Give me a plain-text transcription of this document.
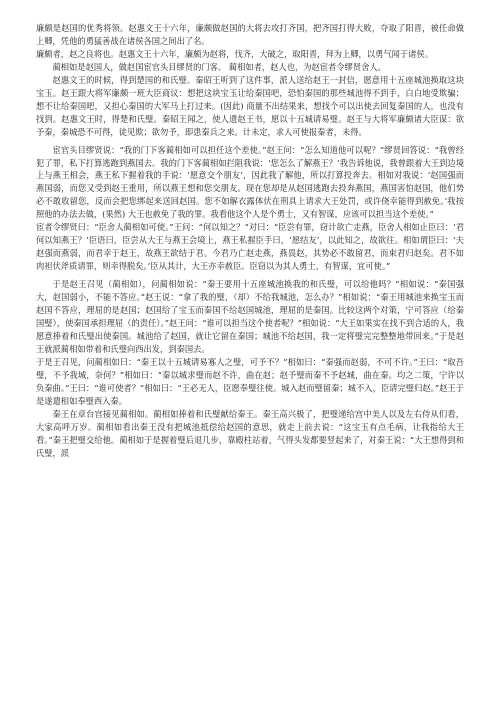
廉颇是赵国的优秀将领。赵惠文王十六年，廉颇做赵国的大将去攻打齐国，把齐国打得大败，夺取了阳晋，被任命做上卿，凭他的勇猛善战在诸侯各国之间出了名。

廉颇者，赵之良将也。赵惠文王十六年，廉颇为赵将，伐齐，大破之，取阳晋，拜为上卿，以勇气闻于诸侯。

蔺相如是赵国人，做赵国宦官头目缪贤的门客。 蔺相如者，赵人也，为赵宦者令缪贤舍人。

赵惠文王的时候，得到楚国的和氏璧。秦昭王听到了这件事，派人送给赵王一封信，愿意用十五座城池换取这块宝玉。赵王跟大将军廉颇一班大臣商议：想把这块宝玉让给秦国吧，恐怕秦国的那些城池得不到手，白白地受欺骗；想不让给秦国吧，又担心秦国的大军马上打过来。(因此) 商量不出结果来，想找个可以出使去回复秦国的人，也没有找到。赵惠文王时，得楚和氏璧。秦昭王闻之，使人遗赵王书，愿以十五城请易璧。赵王与大将军廉颇诸大臣谋：欲予秦，秦城恐不可得，徒见欺；欲勿予，即患秦兵之来。计未定，求人可使报秦者，未得。

宦官头目缪贤说：“我的门下客蔺相如可以担任这个差使。”赵王问：“怎么知道他可以呢？”缪贤回答说：“我曾经犯了罪，私下打算逃跑到燕国去。我的门下客蔺相如拦阻我说：‘您怎么了解燕王？’我告诉他说，我曾跟着大王到边境上与燕王相会，燕王私下握着我的手说：‘愿意交个朋友’，因此我了解他，所以打算投奔去。相如对我说：‘赵国强而燕国弱，而您又受到赵王重用，所以燕王想和您交朋友。现在您却是从赵国逃跑去投奔燕国，燕国害怕赵国，他们势必不敢收留您，反而会把您绑起来送回赵国。您不如解衣露体伏在刑具上请求大王处罚，或许侥幸能得到赦免。’我按照他的办法去做，(果然) 大王也赦免了我的罪。我看他这个人是个勇士，又有智谋，应该可以担当这个差使。”

宦者令缪贤曰：“臣舍人蔺相如可使。”王问：“何以知之？”对曰：“臣尝有罪，窃计欲亡走燕，臣舍人相如止臣曰：‘君何以知燕王？’臣语曰，臣尝从大王与燕王会境上，燕王私握臣手曰，‘愿结友’，以此知之，故欲往。相如谓臣曰：‘夫赵强而燕弱，而君幸于赵王，故燕王欲结于君。今君乃亡赵走燕，燕畏赵，其势必不敢留君，而束君归赵矣。君不如肉袒伏斧质请罪，则幸得脱矣。’臣从其计，大王亦幸赦臣。臣窃以为其人勇士，有智谋，宜可使。”

于是赵王召见（蔺相如），问蔺相如说：“秦王要用十五座城池换我的和氏璧，可以给他吗？”相如说：“秦国强大，赵国弱小，不能不答应。”赵王说：“拿了我的璧，（却）不给我城池，怎么办？”相如说：“秦王用城池来换宝玉而赵国不答应，理屈的是赵国；赵国给了宝玉而秦国不给赵国城池，理屈的是秦国。比较这两个对策，宁可答应（给秦国璧），使秦国承担理屈（的责任）。”赵王问：“谁可以担当这个使者呢？”相如说：“大王如果实在找不到合适的人，我愿意捧着和氏璧出使秦国。城池给了赵国，就让它留在秦国；城池不给赵国，我一定将璧完完整整地带回来。”于是赵王就派蔺相如带着和氏璧向西出发，到秦国去。

于是王召见，问蔺相如曰：“秦王以十五城请易寡人之璧，可予不？”相如曰：“秦强而赵弱，不可不许。”王曰：“取吾璧，不予我城，奈何？”相如曰：“秦以城求璧而赵不许，曲在赵；赵予璧而秦不予赵城，曲在秦。均之二策，宁许以负秦曲。”王曰：“谁可使者？”相如曰：“王必无人，臣愿奉璧往使。城入赵而璧留秦；城不入，臣请完璧归赵。”赵王于是遂遣相如奉璧西入秦。

秦王在章台宫接见蔺相如。蔺相如捧着和氏璧献给秦王。秦王高兴极了，把璧递给宫中美人以及左右侍从们看，大家高呼万岁。蔺相如看出秦王没有把城池抵偿给赵国的意思，就走上前去说：“这宝玉有点毛病，让我指给大王看。”秦王把璧交给他。蔺相如于是握着璧后退几步，靠殿柱站着，气得头发都要竖起来了，对秦王说：“大王想得到和氏璧，派
